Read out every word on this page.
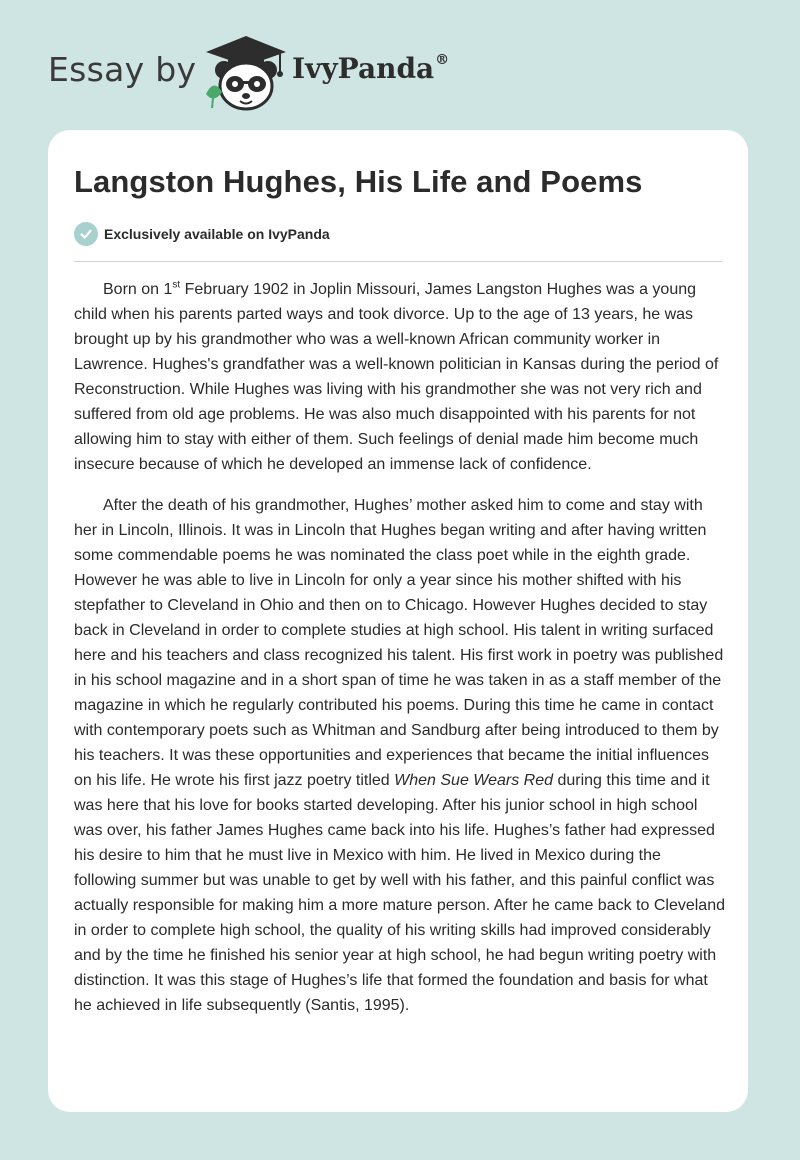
Essay by	IvyPanda®
Langston Hughes, His Life and Poems
Exclusively available on IvyPanda

Born on 1st February 1902 in Joplin Missouri, James Langston Hughes was a young child when his parents parted ways and took divorce. Up to the age of 13 years, he was brought up by his grandmother who was a well-known African community worker in Lawrence. Hughes's grandfather was a well-known politician in Kansas during the period of Reconstruction. While Hughes was living with his grandmother she was not very rich and suffered from old age problems. He was also much disappointed with his parents for not allowing him to stay with either of them. Such feelings of denial made him become much insecure because of which he developed an immense lack of confidence.

After the death of his grandmother, Hughes’ mother asked him to come and stay with her in Lincoln, Illinois. It was in Lincoln that Hughes began writing and after having written some commendable poems he was nominated the class poet while in the eighth grade. However he was able to live in Lincoln for only a year since his mother shifted with his stepfather to Cleveland in Ohio and then on to Chicago. However Hughes decided to stay back in Cleveland in order to complete studies at high school. His talent in writing surfaced here and his teachers and class recognized his talent. His first work in poetry was published in his school magazine and in a short span of time he was taken in as a staff member of the magazine in which he regularly contributed his poems. During this time he came in contact with contemporary poets such as Whitman and Sandburg after being introduced to them by his teachers. It was these opportunities and experiences that became the initial influences on his life. He wrote his first jazz poetry titled When Sue Wears Red during this time and it was here that his love for books started developing. After his junior school in high school was over, his father James Hughes came back into his life. Hughes’s father had expressed his desire to him that he must live in Mexico with him. He lived in Mexico during the following summer but was unable to get by well with his father, and this painful conflict was actually responsible for making him a more mature person. After he came back to Cleveland in order to complete high school, the quality of his writing skills had improved considerably and by the time he finished his senior year at high school, he had begun writing poetry with distinction. It was this stage of Hughes’s life that formed the foundation and basis for what he achieved in life subsequently (Santis, 1995).
